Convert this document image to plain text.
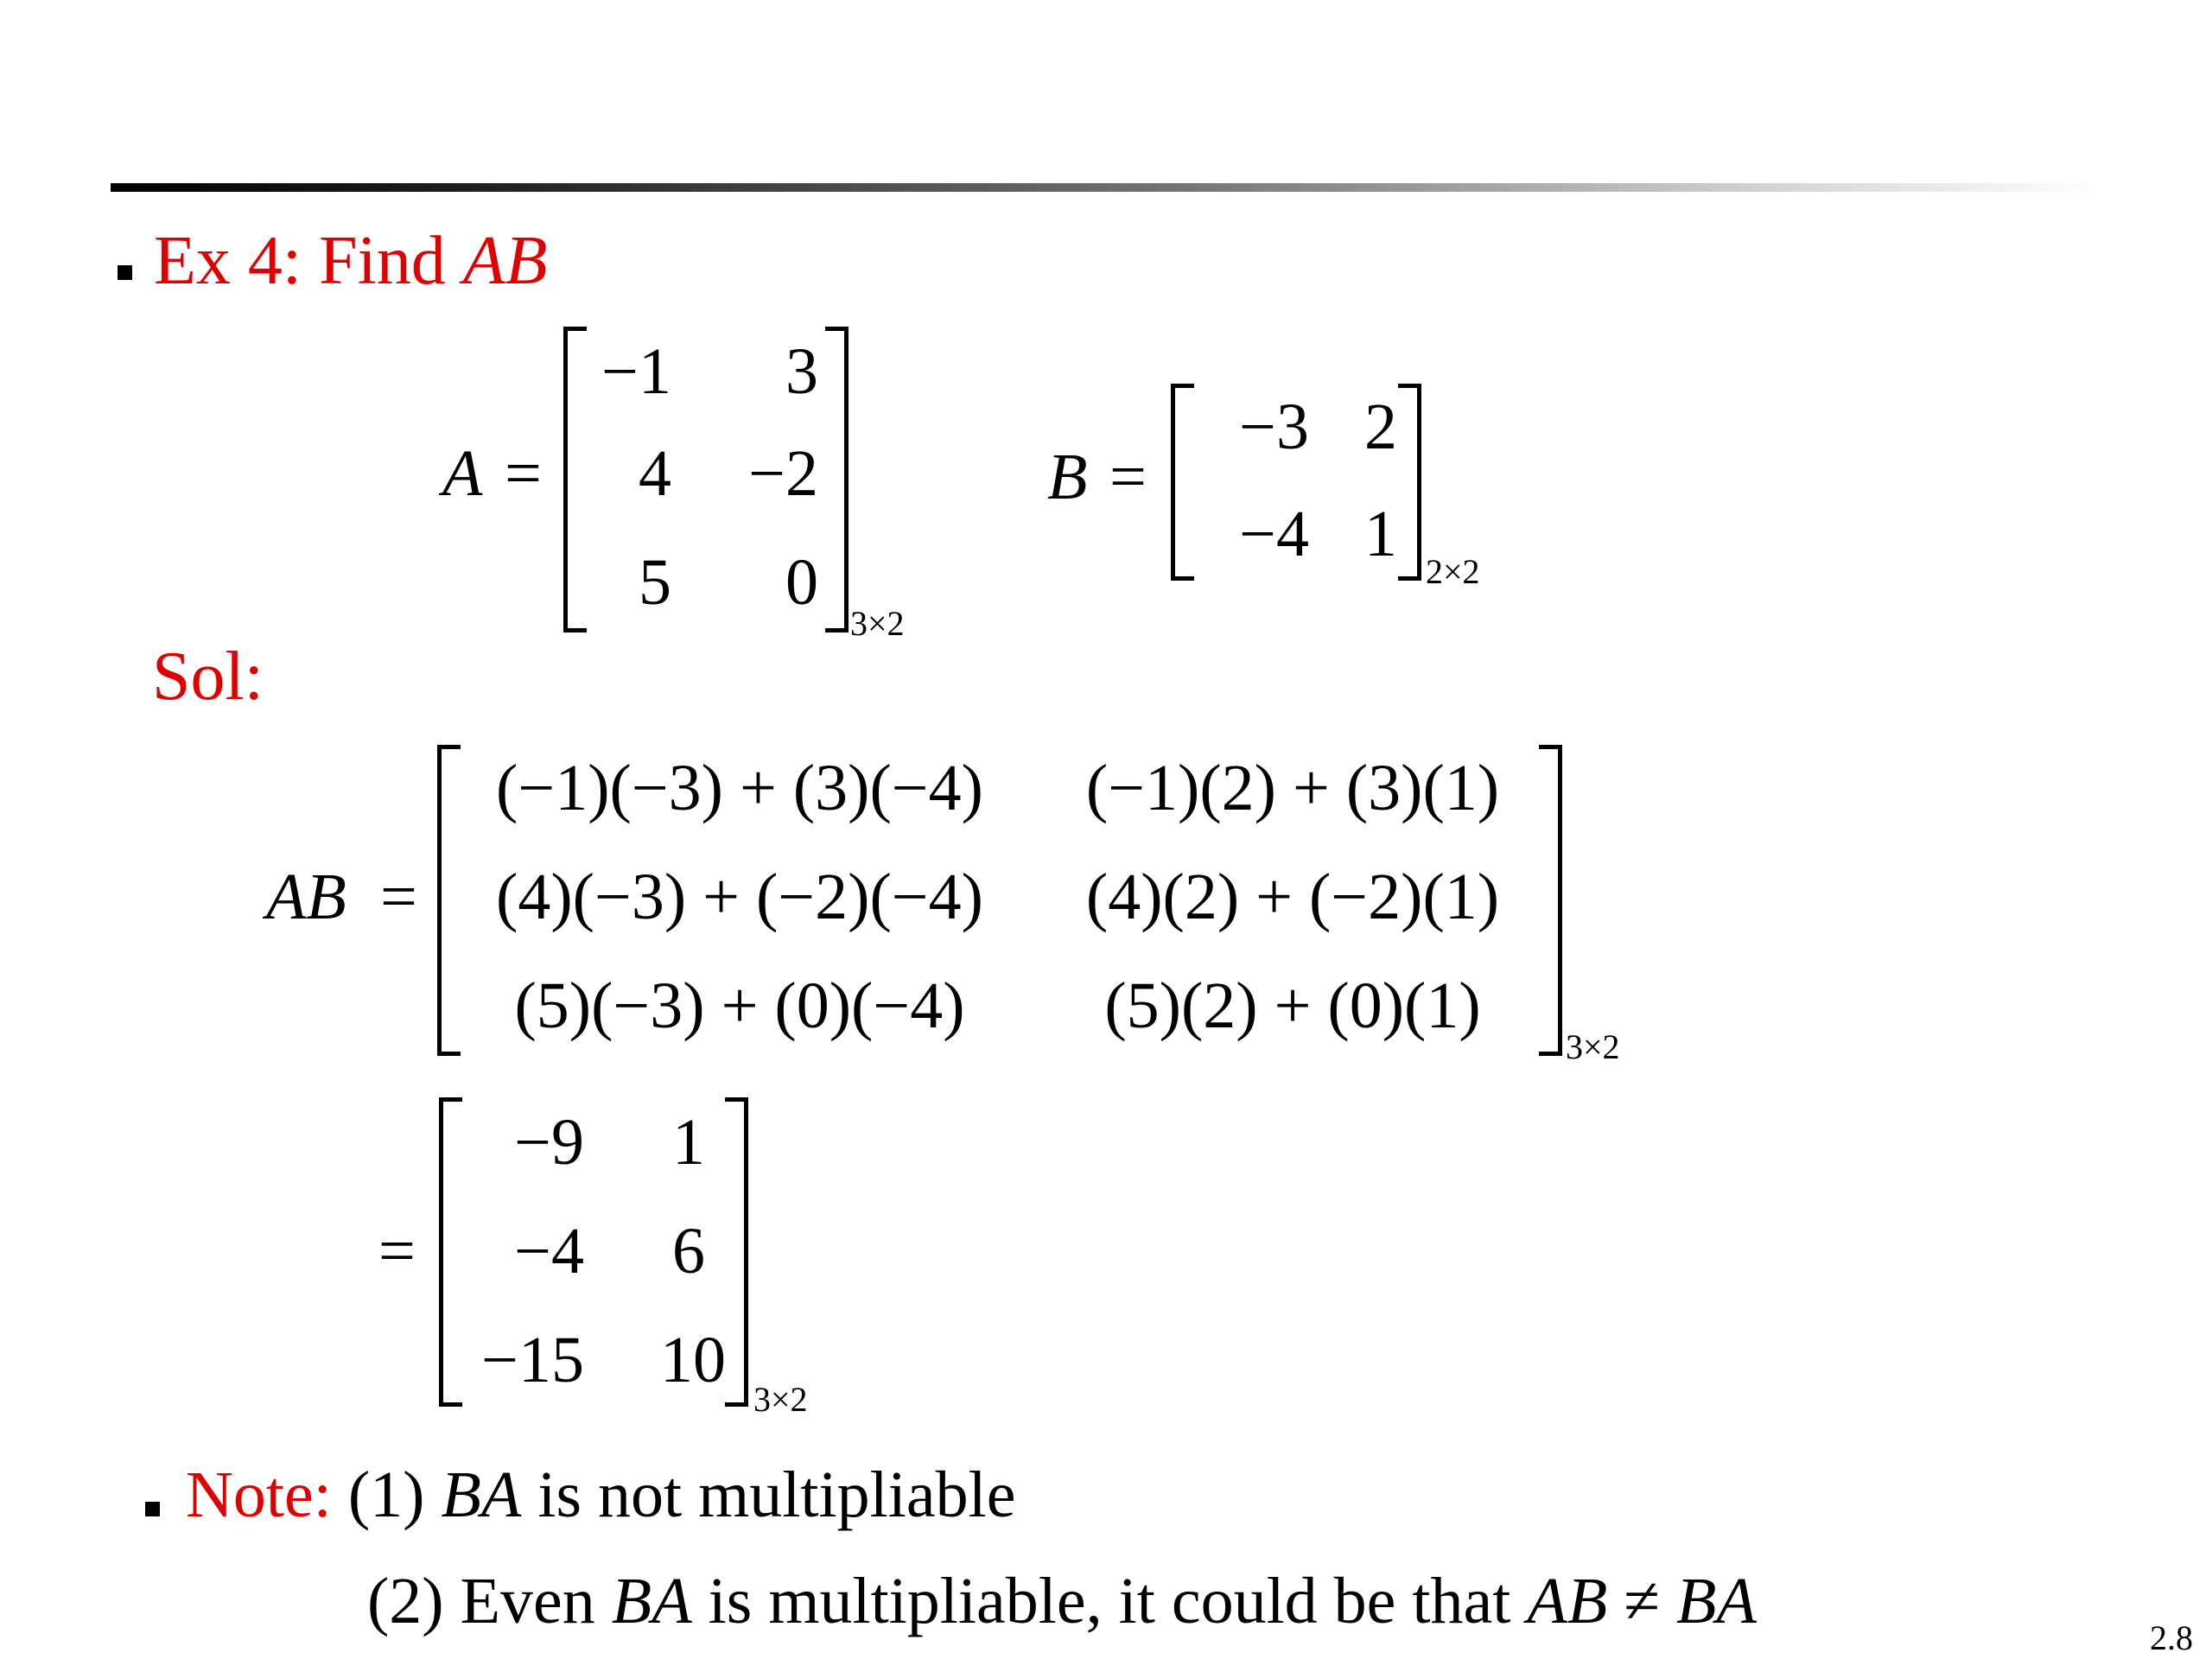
Ex 4: Find AB
A =
−1 3
4 −2
5 0
3×2
B =
−3 2
−4 1
2×2
Sol:
AB =
(−1)(−3) + (3)(−4)	(−1)(2) + (3)(1)
(4)(−3) + (−2)(−4)	(4)(2) + (−2)(1)
(5)(−3) + (0)(−4)	(5)(2) + (0)(1)
3×2
=
−9 1
−4 6
−15 10
3×2
Note: (1) BA is not multipliable
(2) Even BA is multipliable, it could be that AB ≠ BA
2.8
